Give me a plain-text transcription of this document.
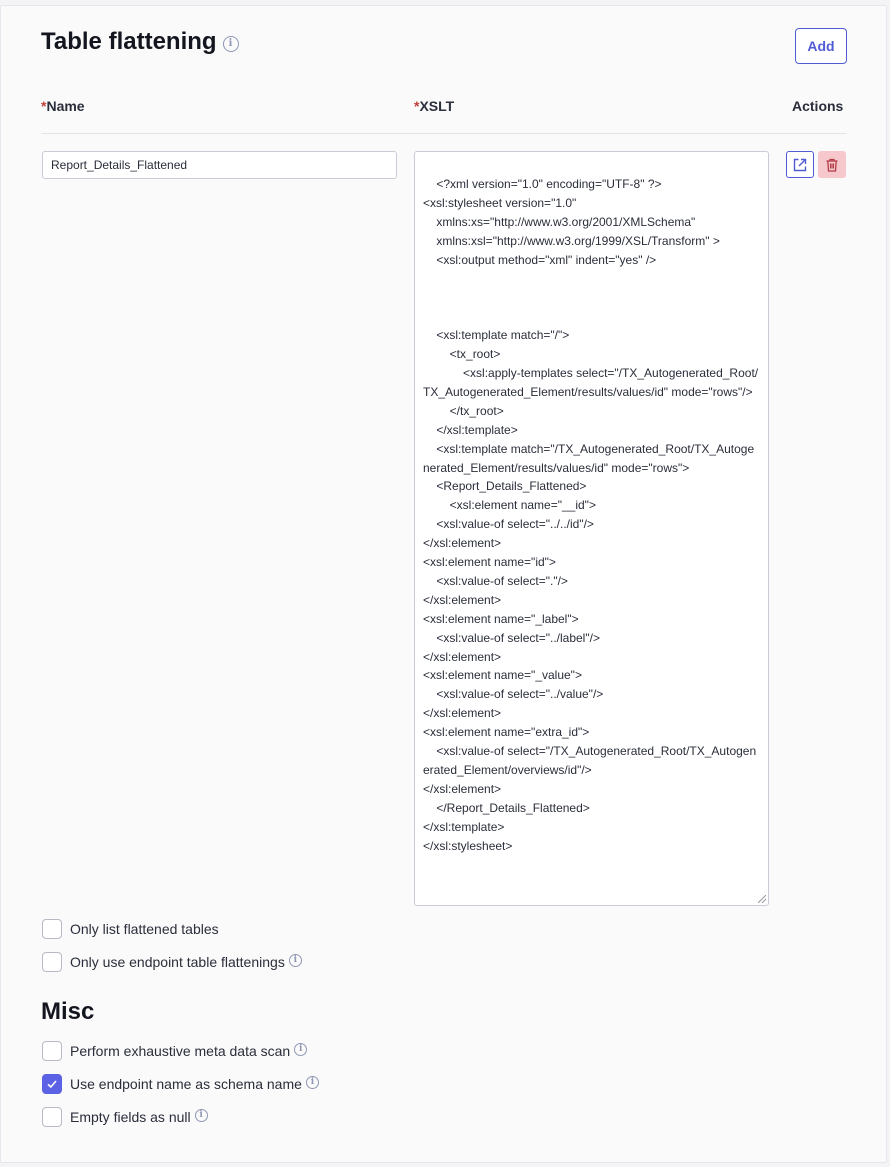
Table flattening	i	Add
*Name	*XSLT	Actions
Report_Details_Flattened

<?xml version="1.0" encoding="UTF-8" ?>
<xsl:stylesheet version="1.0"
xmlns:xs="http://www.w3.org/2001/XMLSchema"
xmlns:xsl="http://www.w3.org/1999/XSL/Transform" >
<xsl:output method="xml" indent="yes" />

<xsl:template match="/">
<tx_root>
<xsl:apply-templates select="/TX_Autogenerated_Root/TX_Autogenerated_Element/results/values/id" mode="rows"/>
</tx_root>
</xsl:template>
<xsl:template match="/TX_Autogenerated_Root/TX_Autogenerated_Element/results/values/id" mode="rows">
<Report_Details_Flattened>
<xsl:element name="__id">
<xsl:value-of select="../../id"/>
</xsl:element>
<xsl:element name="id">
<xsl:value-of select="."/>
</xsl:element>
<xsl:element name="_label">
<xsl:value-of select="../label"/>
</xsl:element>
<xsl:element name="_value">
<xsl:value-of select="../value"/>
</xsl:element>
<xsl:element name="extra_id">
<xsl:value-of select="/TX_Autogenerated_Root/TX_Autogenerated_Element/overviews/id"/>
</xsl:element>
</Report_Details_Flattened>
</xsl:template>
</xsl:stylesheet>

Only list flattened tables
Only use endpoint table flattenings i
Misc
Perform exhaustive meta data scan i
Use endpoint name as schema name i
Empty fields as null i
